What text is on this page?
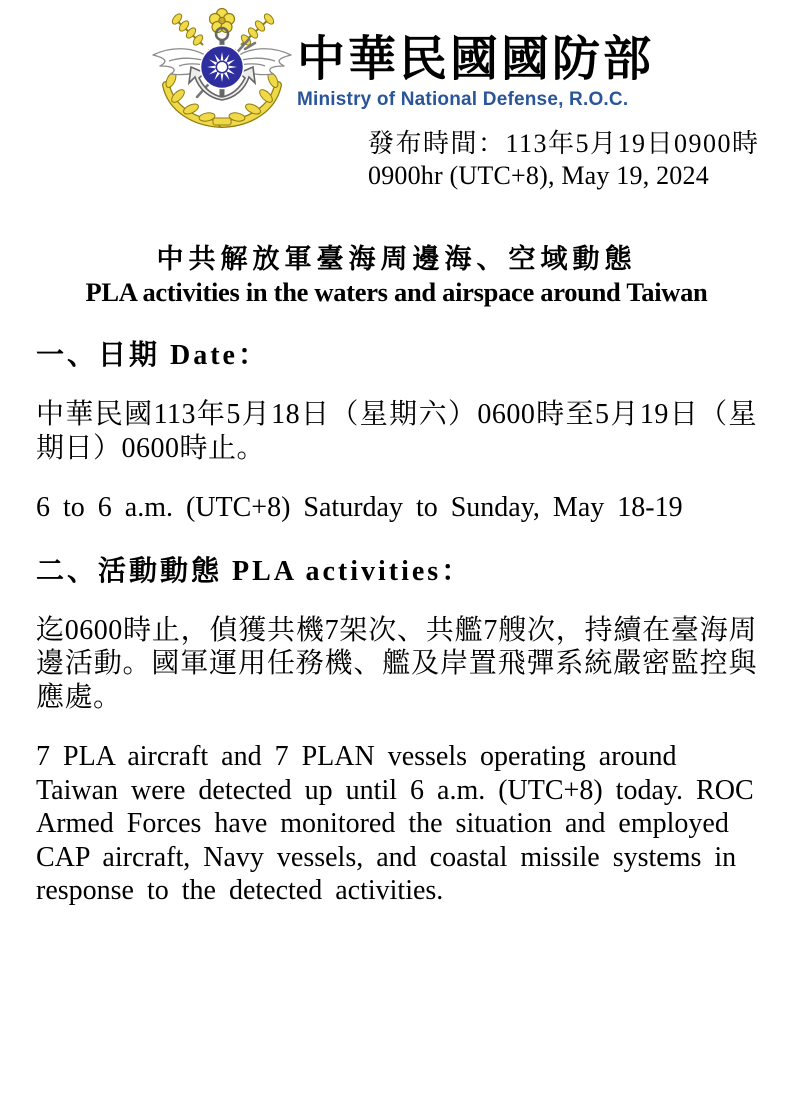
中華民國國防部
Ministry of National Defense, R.O.C.
發布時間：113年5月19日0900時
0900hr (UTC+8), May 19, 2024
中共解放軍臺海周邊海、空域動態
PLA activities in the waters and airspace around Taiwan
一、日期 Date：
中華民國113年5月18日（星期六）0600時至5月19日（星期日）0600時止。
6 to 6 a.m. (UTC+8) Saturday to Sunday, May 18-19
二、活動動態 PLA activities：
迄0600時止，偵獲共機7架次、共艦7艘次，持續在臺海周邊活動。國軍運用任務機、艦及岸置飛彈系統嚴密監控與應處。
7 PLA aircraft and 7 PLAN vessels operating around Taiwan were detected up until 6 a.m. (UTC+8) today. ROC Armed Forces have monitored the situation and employed CAP aircraft, Navy vessels, and coastal missile systems in response to the detected activities.
